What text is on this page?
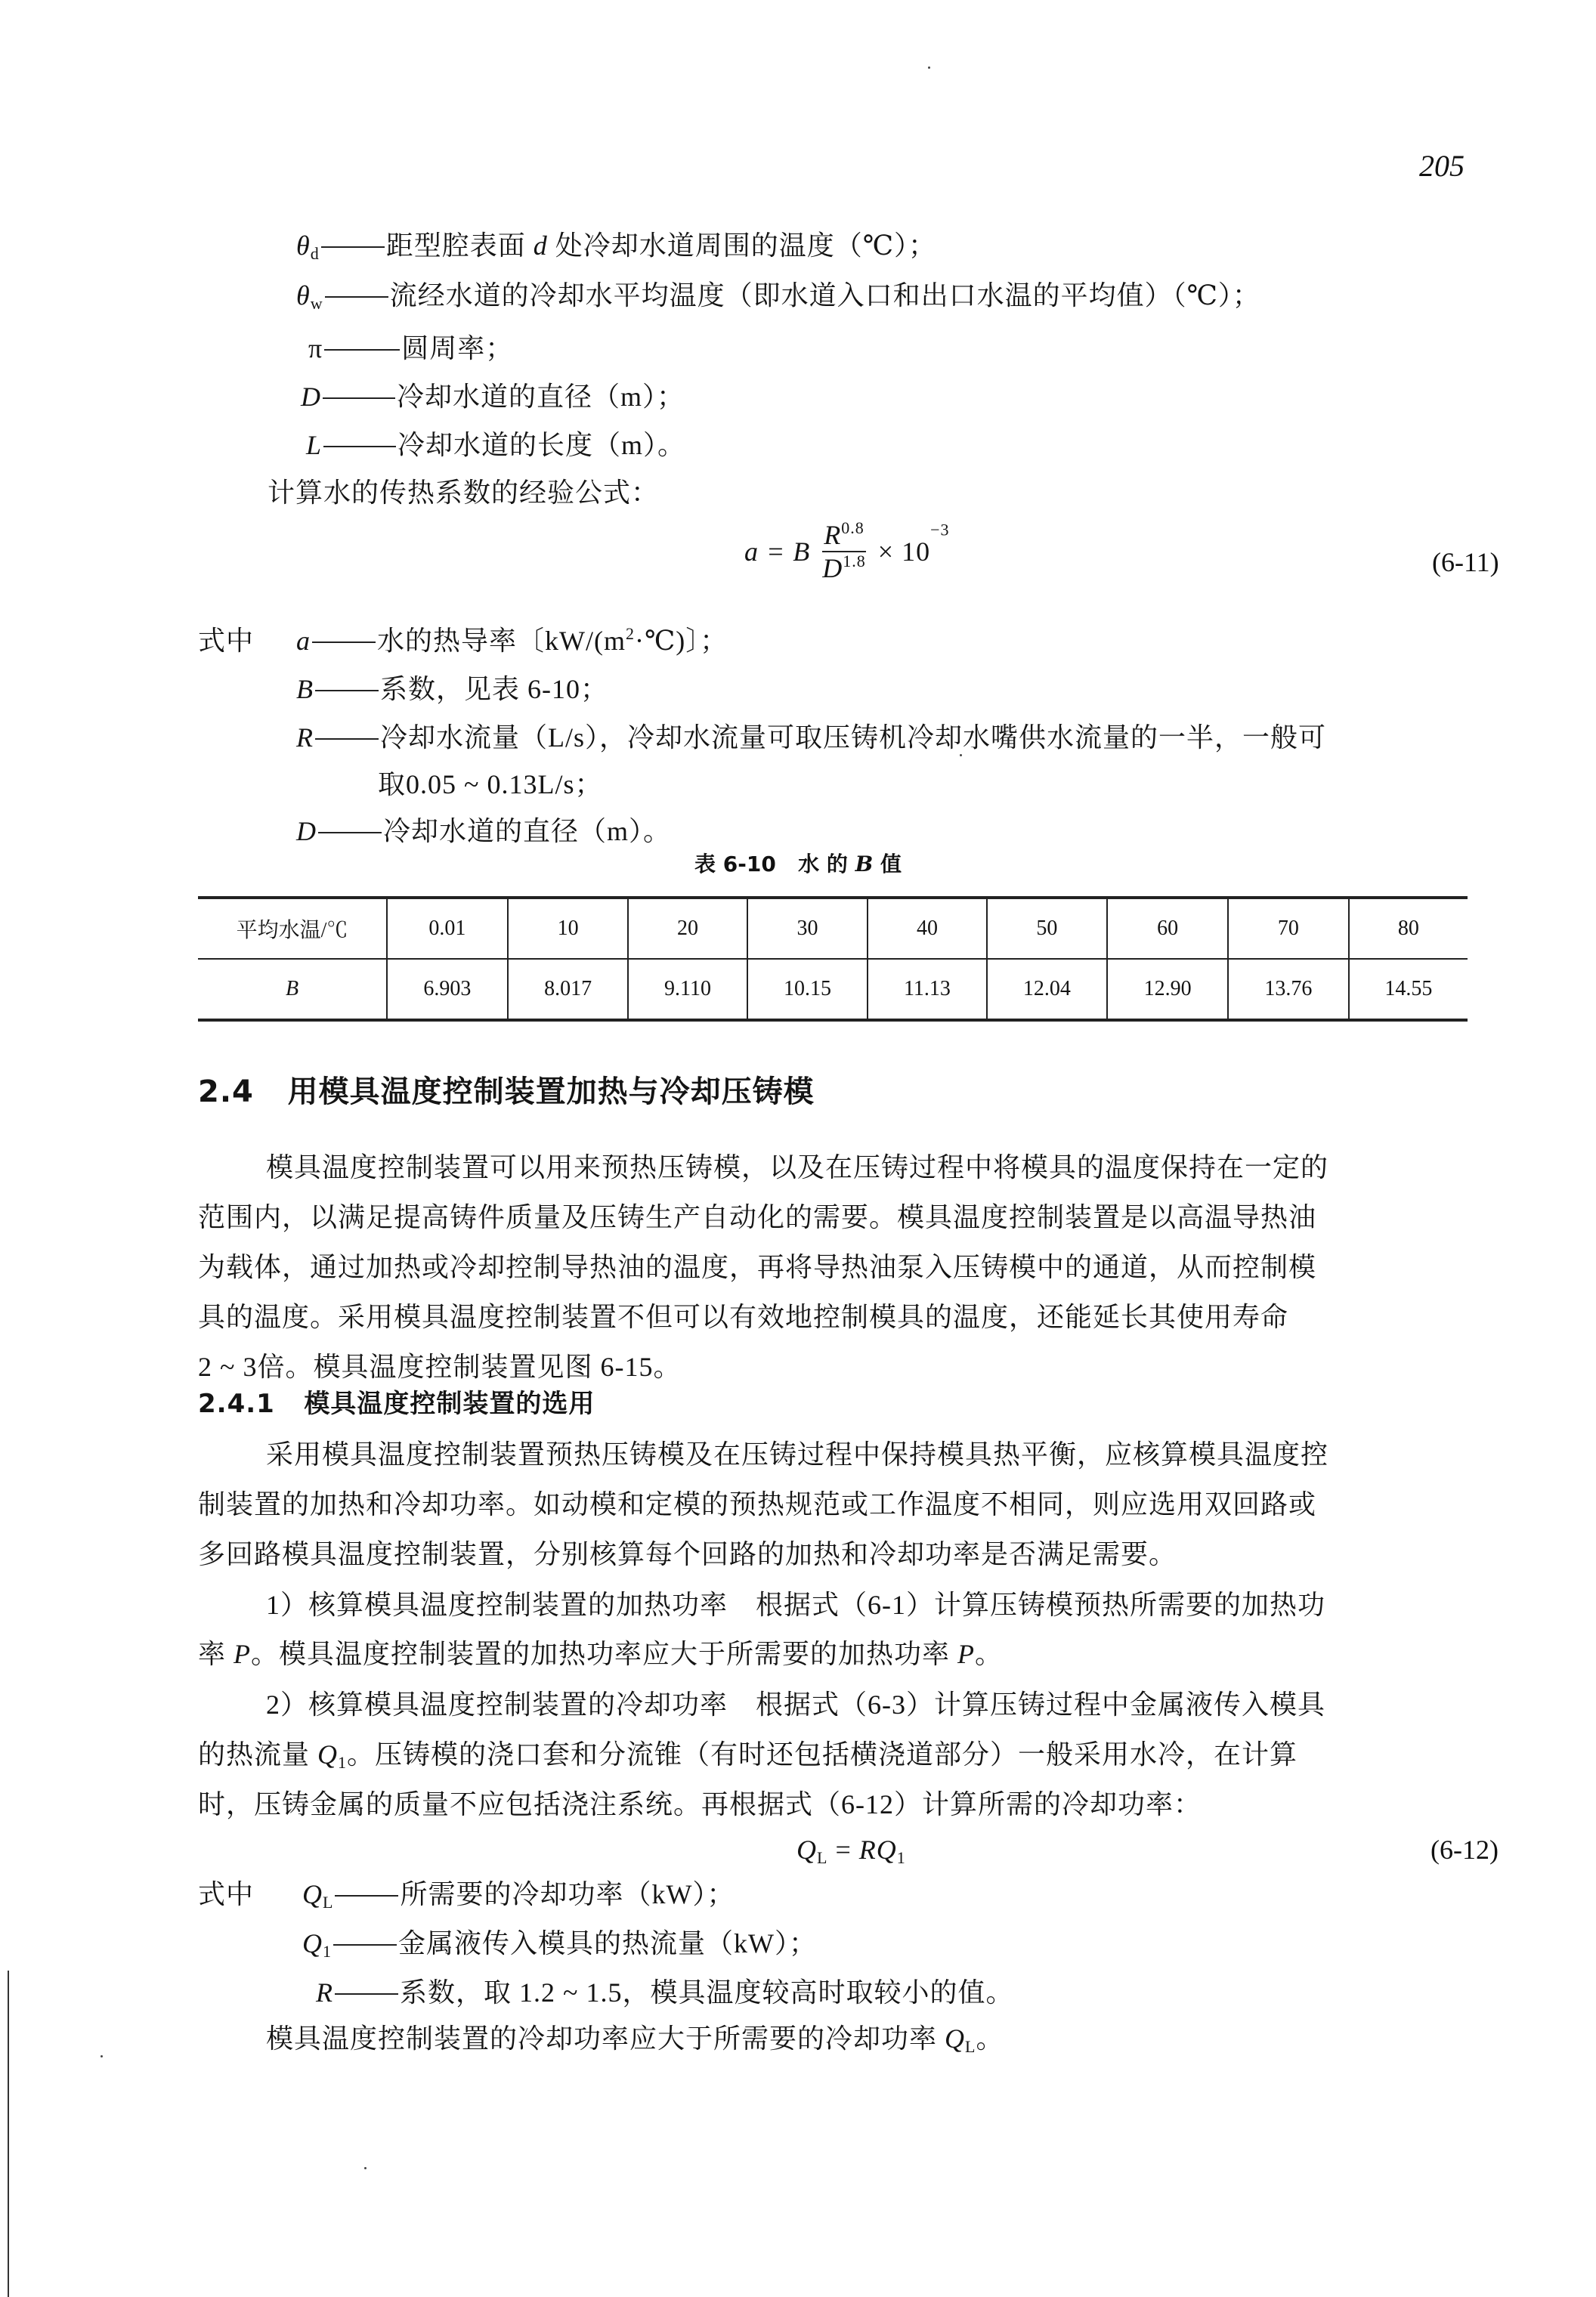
205
$\theta_d$ 距型腔表面 d 处冷却水道周围的温度（℃）；
$\theta_w$ 流经水道的冷却水平均温度（即水道入口和出口水温的平均值）（℃）；
π	圆周率；
D	冷却水道的直径（m）；
L	冷却水道的长度（m）。
计算水的传热系数的经验公式：
a = B $\frac{R^{0.8}}{D^{1.8}} \times 10^{-3}$
(6-11)
式中 a 水的热导率〔$kW/(m^2\cdot℃)$〕；
B 系数，见表 6-10；
R 冷却水流量（L/s），冷却水流量可取压铸机冷却水嘴供水流量的一半，一般可
取0.05 ~ 0.13L/s；
D 冷却水道的直径（m）。
表 6-10 水 的 B 值
平均水温/℃	0.01	10	20	30	40	50	60	70	80
B	6.903	8.017	9.110	10.15	11.13	12.04	12.90	13.76	14.55
2.4 用模具温度控制装置加热与冷却压铸模
模具温度控制装置可以用来预热压铸模，以及在压铸过程中将模具的温度保持在一定的
范围内，以满足提高铸件质量及压铸生产自动化的需要。模具温度控制装置是以高温导热油
为载体，通过加热或冷却控制导热油的温度，再将导热油泵入压铸模中的通道，从而控制模
具的温度。采用模具温度控制装置不但可以有效地控制模具的温度，还能延长其使用寿命
2 ~ 3倍。模具温度控制装置见图 6-15。
2.4.1 模具温度控制装置的选用
采用模具温度控制装置预热压铸模及在压铸过程中保持模具热平衡，应核算模具温度控
制装置的加热和冷却功率。如动模和定模的预热规范或工作温度不相同，则应选用双回路或
多回路模具温度控制装置，分别核算每个回路的加热和冷却功率是否满足需要。
1）核算模具温度控制装置的加热功率　根据式（6-1）计算压铸模预热所需要的加热功
率 P。模具温度控制装置的加热功率应大于所需要的加热功率 P。
2）核算模具温度控制装置的冷却功率　根据式（6-3）计算压铸过程中金属液传入模具
的热流量 $Q_1$。压铸模的浇口套和分流锥（有时还包括横浇道部分）一般采用水冷，在计算
时，压铸金属的质量不应包括浇注系统。再根据式（6-12）计算所需的冷却功率：
$Q_L = RQ_1$	(6-12)
式中 $Q_L$ 所需要的冷却功率（kW）；
$Q_1$ 金属液传入模具的热流量（kW）；
R 系数，取 1.2 ~ 1.5，模具温度较高时取较小的值。
模具温度控制装置的冷却功率应大于所需要的冷却功率 $Q_L$。
